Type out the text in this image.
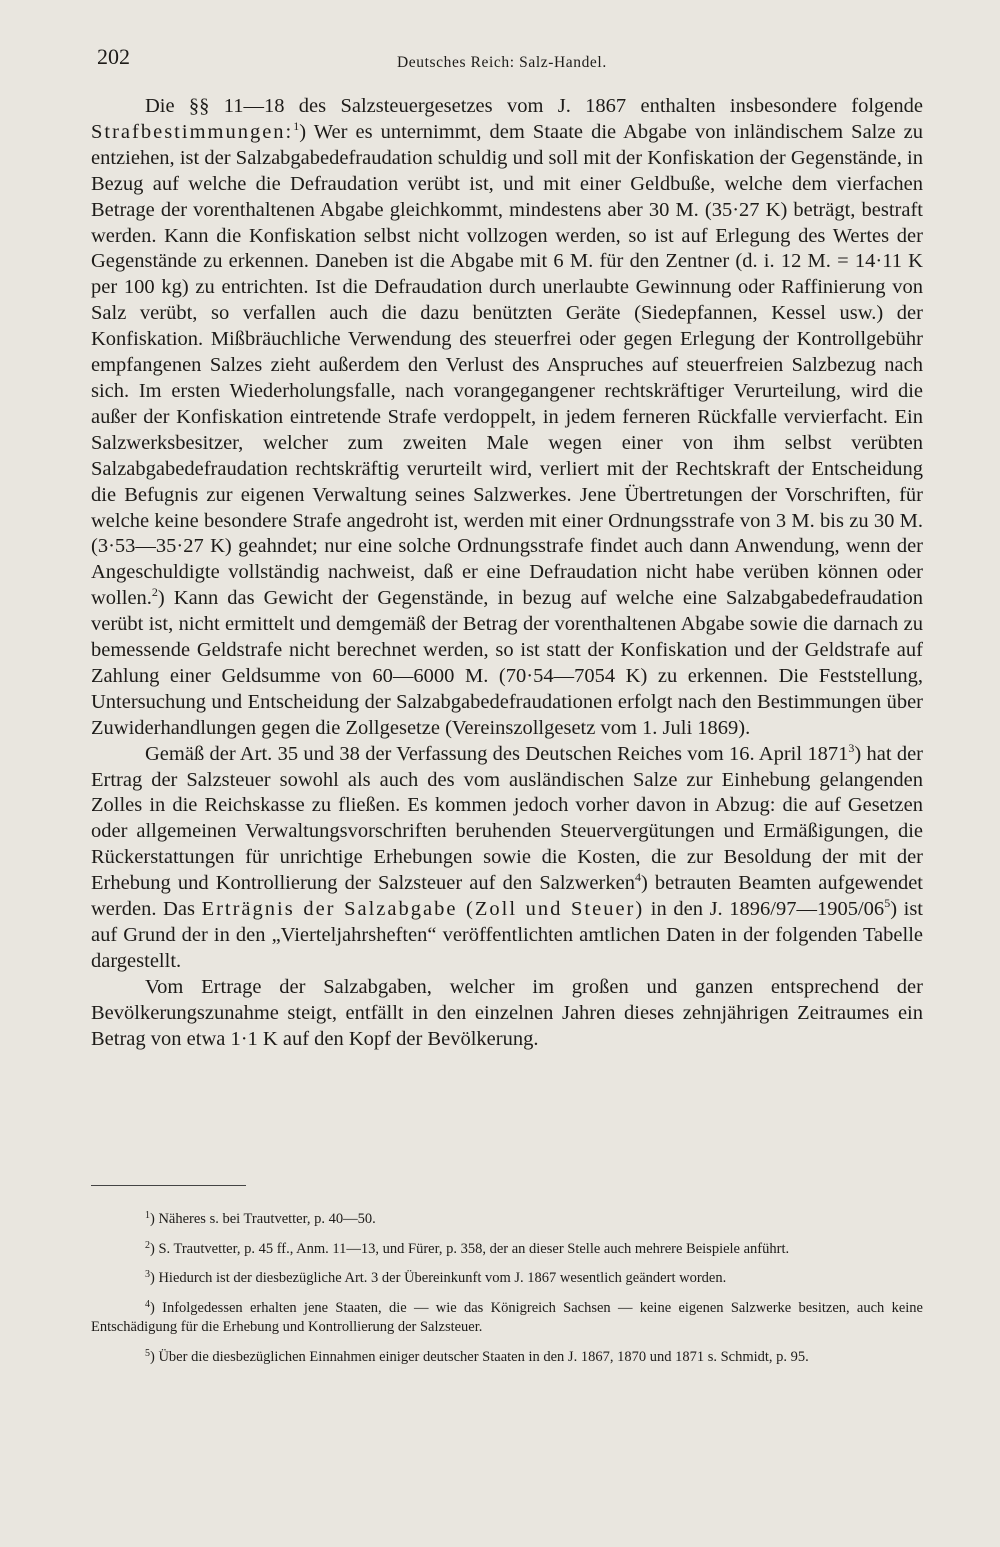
202	Deutsches Reich: Salz-Handel.

Die §§ 11—18 des Salzsteuergesetzes vom J. 1867 enthalten insbesondere folgende Strafbestimmungen:$^1$) Wer es unternimmt, dem Staate die Abgabe von inländischem Salze zu entziehen, ist der Salzabgabedefraudation schuldig und soll mit der Konfiskation der Gegenstände, in Bezug auf welche die Defraudation verübt ist, und mit einer Geldbuße, welche dem vierfachen Betrage der vorenthaltenen Abgabe gleichkommt, mindestens aber 30 M. (35·27 K) beträgt, bestraft werden. Kann die Konfiskation selbst nicht vollzogen werden, so ist auf Erlegung des Wertes der Gegenstände zu erkennen. Daneben ist die Abgabe mit 6 M. für den Zentner (d. i. 12 M. = 14·11 K per 100 kg) zu entrichten. Ist die Defraudation durch unerlaubte Gewinnung oder Raffinierung von Salz verübt, so verfallen auch die dazu benützten Geräte (Siedepfannen, Kessel usw.) der Konfiskation. Mißbräuchliche Verwendung des steuerfrei oder gegen Erlegung der Kontrollgebühr empfangenen Salzes zieht außerdem den Verlust des Anspruches auf steuerfreien Salzbezug nach sich. Im ersten Wiederholungsfalle, nach vorangegangener rechtskräftiger Verurteilung, wird die außer der Konfiskation eintretende Strafe verdoppelt, in jedem ferneren Rückfalle vervierfacht. Ein Salzwerksbesitzer, welcher zum zweiten Male wegen einer von ihm selbst verübten Salzabgabedefraudation rechtskräftig verurteilt wird, verliert mit der Rechtskraft der Entscheidung die Befugnis zur eigenen Verwaltung seines Salzwerkes. Jene Übertretungen der Vorschriften, für welche keine besondere Strafe angedroht ist, werden mit einer Ordnungsstrafe von 3 M. bis zu 30 M. (3·53—35·27 K) geahndet; nur eine solche Ordnungsstrafe findet auch dann Anwendung, wenn der Angeschuldigte vollständig nachweist, daß er eine Defraudation nicht habe verüben können oder wollen.$^2$) Kann das Gewicht der Gegenstände, in bezug auf welche eine Salzabgabedefraudation verübt ist, nicht ermittelt und demgemäß der Betrag der vorenthaltenen Abgabe sowie die darnach zu bemessende Geldstrafe nicht berechnet werden, so ist statt der Konfiskation und der Geldstrafe auf Zahlung einer Geldsumme von 60—6000 M. (70·54—7054 K) zu erkennen. Die Feststellung, Untersuchung und Entscheidung der Salzabgabedefraudationen erfolgt nach den Bestimmungen über Zuwiderhandlungen gegen die Zollgesetze (Vereinszollgesetz vom 1. Juli 1869).

Gemäß der Art. 35 und 38 der Verfassung des Deutschen Reiches vom 16. April 1871$^3$) hat der Ertrag der Salzsteuer sowohl als auch des vom ausländischen Salze zur Einhebung gelangenden Zolles in die Reichskasse zu fließen. Es kommen jedoch vorher davon in Abzug: die auf Gesetzen oder allgemeinen Verwaltungsvorschriften beruhenden Steuervergütungen und Ermäßigungen, die Rückerstattungen für unrichtige Erhebungen sowie die Kosten, die zur Besoldung der mit der Erhebung und Kontrollierung der Salzsteuer auf den Salzwerken$^4$) betrauten Beamten aufgewendet werden. Das Erträgnis der Salzabgabe (Zoll und Steuer) in den J. 1896/97—1905/06$^5$) ist auf Grund der in den „Vierteljahrsheften“ veröffentlichten amtlichen Daten in der folgenden Tabelle dargestellt.

Vom Ertrage der Salzabgaben, welcher im großen und ganzen entsprechend der Bevölkerungszunahme steigt, entfällt in den einzelnen Jahren dieses zehnjährigen Zeitraumes ein Betrag von etwa 1·1 K auf den Kopf der Bevölkerung.

$^1$) Näheres s. bei Trautvetter, p. 40—50.

$^2$) S. Trautvetter, p. 45 ff., Anm. 11—13, und Fürer, p. 358, der an dieser Stelle auch mehrere Beispiele anführt.

$^3$) Hiedurch ist der diesbezügliche Art. 3 der Übereinkunft vom J. 1867 wesentlich geändert worden.

$^4$) Infolgedessen erhalten jene Staaten, die — wie das Königreich Sachsen — keine eigenen Salzwerke besitzen, auch keine Entschädigung für die Erhebung und Kontrollierung der Salzsteuer.

$^5$) Über die diesbezüglichen Einnahmen einiger deutscher Staaten in den J. 1867, 1870 und 1871 s. Schmidt, p. 95.
